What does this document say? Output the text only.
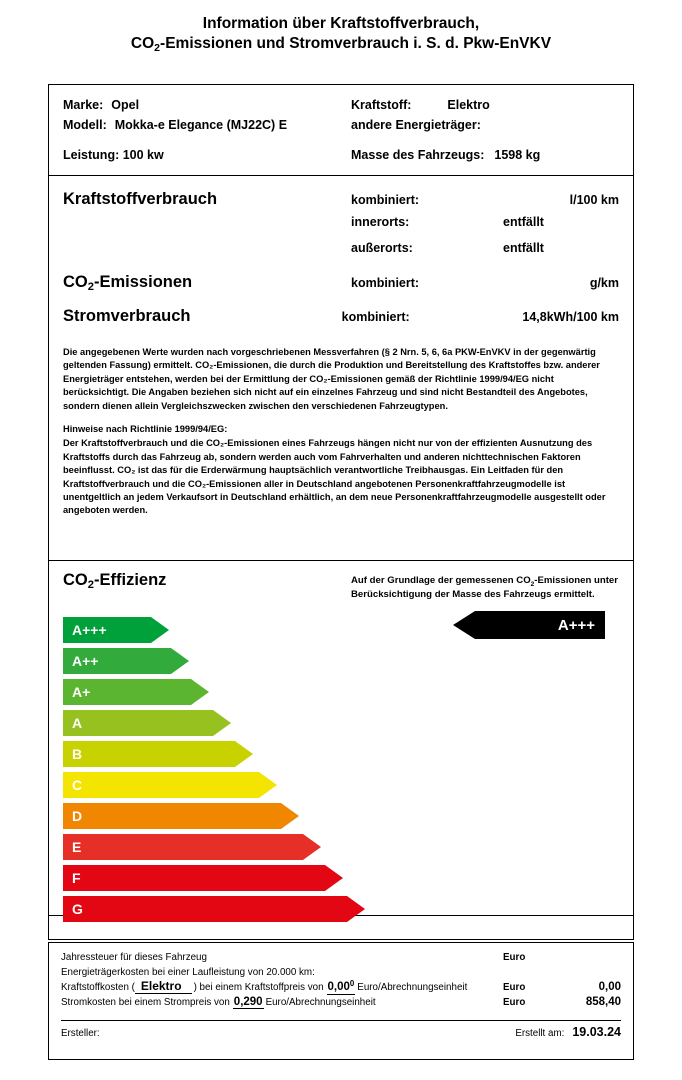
Information über Kraftstoffverbrauch,
$CO_2$-Emissionen und Stromverbrauch i. S. d. Pkw-EnVKV
Marke: Opel	Kraftstoff:	Elektro
Modell: Mokka-e Elegance (MJ22C) E	andere Energieträger:
Leistung: 100 kw	Masse des Fahrzeugs: 1598 kg
Kraftstoffverbrauch	kombiniert:	l/100 km
innerorts:	entfällt
außerorts:	entfällt
$CO_2$-Emissionen	kombiniert:	g/km
Stromverbrauch	kombiniert:	14,8 kWh/100 km

Die angegebenen Werte wurden nach vorgeschriebenen Messverfahren (§ 2 Nrn. 5, 6, 6a PKW-EnVKV in der gegenwärtig geltenden Fassung) ermittelt. CO₂-Emissionen, die durch die Produktion und Bereitstellung des Kraftstoffes bzw. anderer Energieträger entstehen, werden bei der Ermittlung der CO₂-Emissionen gemäß der Richtlinie 1999/94/EG nicht berücksichtigt. Die Angaben beziehen sich nicht auf ein einzelnes Fahrzeug und sind nicht Bestandteil des Angebotes, sondern dienen allein Vergleichszwecken zwischen den verschiedenen Fahrzeugtypen.

Hinweise nach Richtlinie 1999/94/EG:

Der Kraftstoffverbrauch und die CO₂-Emissionen eines Fahrzeugs hängen nicht nur von der effizienten Ausnutzung des Kraftstoffs durch das Fahrzeug ab, sondern werden auch vom Fahrverhalten und anderen nichttechnischen Faktoren beeinflusst. CO₂ ist das für die Erderwärmung hauptsächlich verantwortliche Treibhausgas. Ein Leitfaden für den Kraftstoffverbrauch und die CO₂-Emissionen aller in Deutschland angebotenen Personenkraftfahrzeugmodelle ist unentgeltlich an jedem Verkaufsort in Deutschland erhältlich, an dem neue Personenkraftfahrzeugmodelle ausgestellt oder angeboten werden.

$CO_2$-Effizienz	Auf der Grundlage der gemessenen $CO_2$-Emissionen unter
Berücksichtigung der Masse des Fahrzeugs ermittelt.
A+++
A+++
A++
A+
A
B
C
D
E
F
G
Jahressteuer für dieses Fahrzeug	Euro
Energieträgerkosten bei einer Laufleistung von 20.000 km:
Kraftstoffkosten ( Elektro	) bei einem Kraftstoffpreis von 0,00$^0$ Euro/Abrechnungseinheit	Euro	0,00
Stromkosten bei einem Strompreis von 0,290 Euro/Abrechnungseinheit	Euro	858,40
Ersteller:	Erstellt am: 19.03.24
